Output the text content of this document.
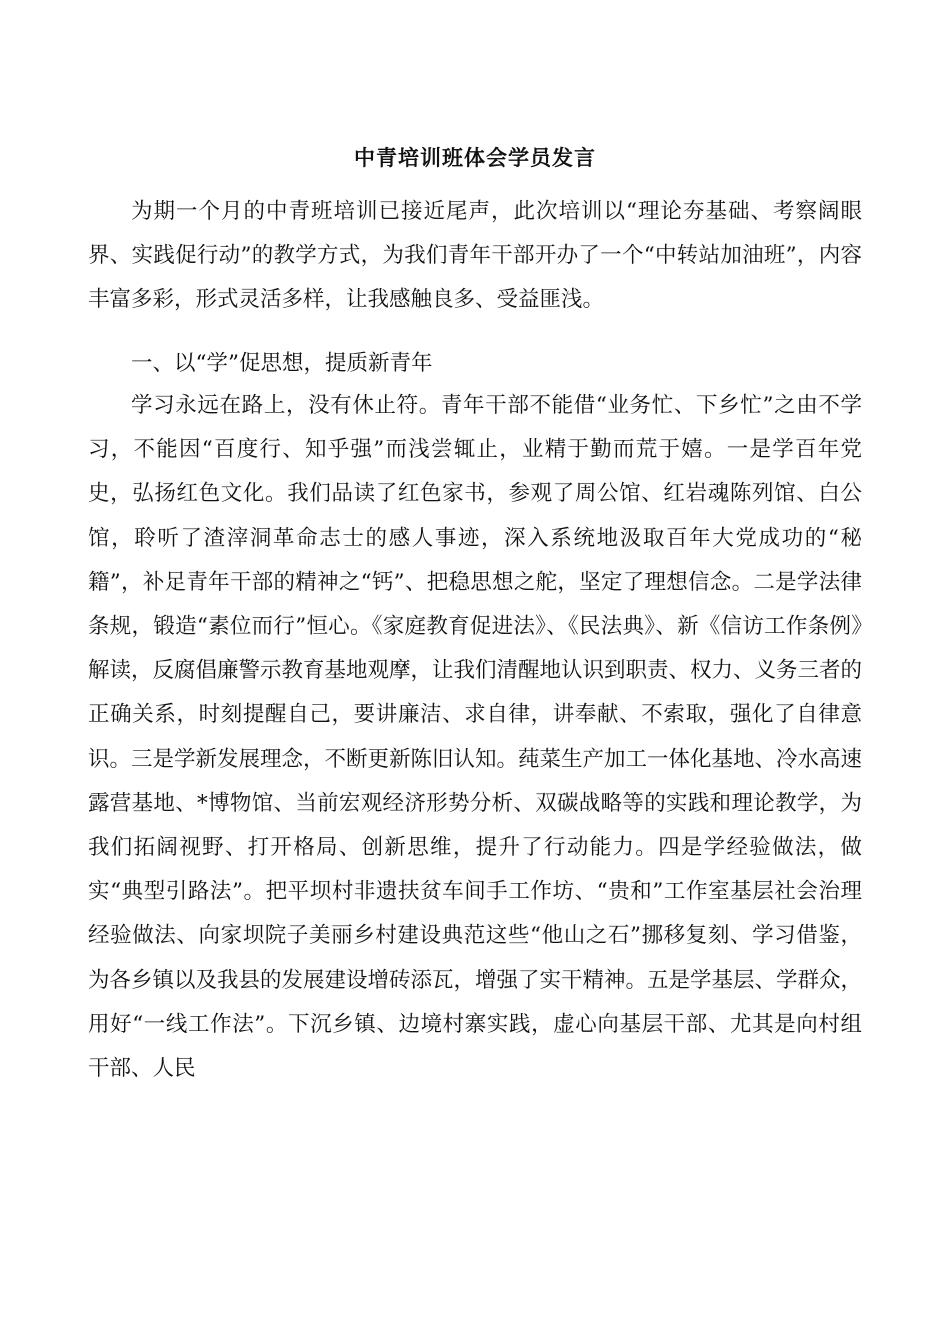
中青培训班体会学员发言

为期一个月的中青班培训已接近尾声，此次培训以“理论夯基础、考察阔眼界、实践促行动”的教学方式，为我们青年干部开办了一个“中转站加油班”，内容丰富多彩，形式灵活多样，让我感触良多、受益匪浅。

一、以“学”促思想，提质新青年

学习永远在路上，没有休止符。青年干部不能借“业务忙、下乡忙”之由不学习，不能因“百度行、知乎强”而浅尝辄止，业精于勤而荒于嬉。一是学百年党史，弘扬红色文化。我们品读了红色家书，参观了周公馆、红岩魂陈列馆、白公馆，聆听了渣滓洞革命志士的感人事迹，深入系统地汲取百年大党成功的“秘籍”，补足青年干部的精神之“钙”、把稳思想之舵，坚定了理想信念。二是学法律条规，锻造“素位而行”恒心。《家庭教育促进法》、《民法典》、新《信访工作条例》解读，反腐倡廉警示教育基地观摩，让我们清醒地认识到职责、权力、义务三者的正确关系，时刻提醒自己，要讲廉洁、求自律，讲奉献、不索取，强化了自律意识。三是学新发展理念，不断更新陈旧认知。莼菜生产加工一体化基地、冷水高速露营基地、*博物馆、当前宏观经济形势分析、双碳战略等的实践和理论教学，为我们拓阔视野、打开格局、创新思维，提升了行动能力。四是学经验做法，做实“典型引路法”。把平坝村非遗扶贫车间手工作坊、“贵和”工作室基层社会治理经验做法、向家坝院子美丽乡村建设典范这些“他山之石”挪移复刻、学习借鉴，为各乡镇以及我县的发展建设增砖添瓦，增强了实干精神。五是学基层、学群众，用好“一线工作法”。下沉乡镇、边境村寨实践，虚心向基层干部、尤其是向村组干部、人民
